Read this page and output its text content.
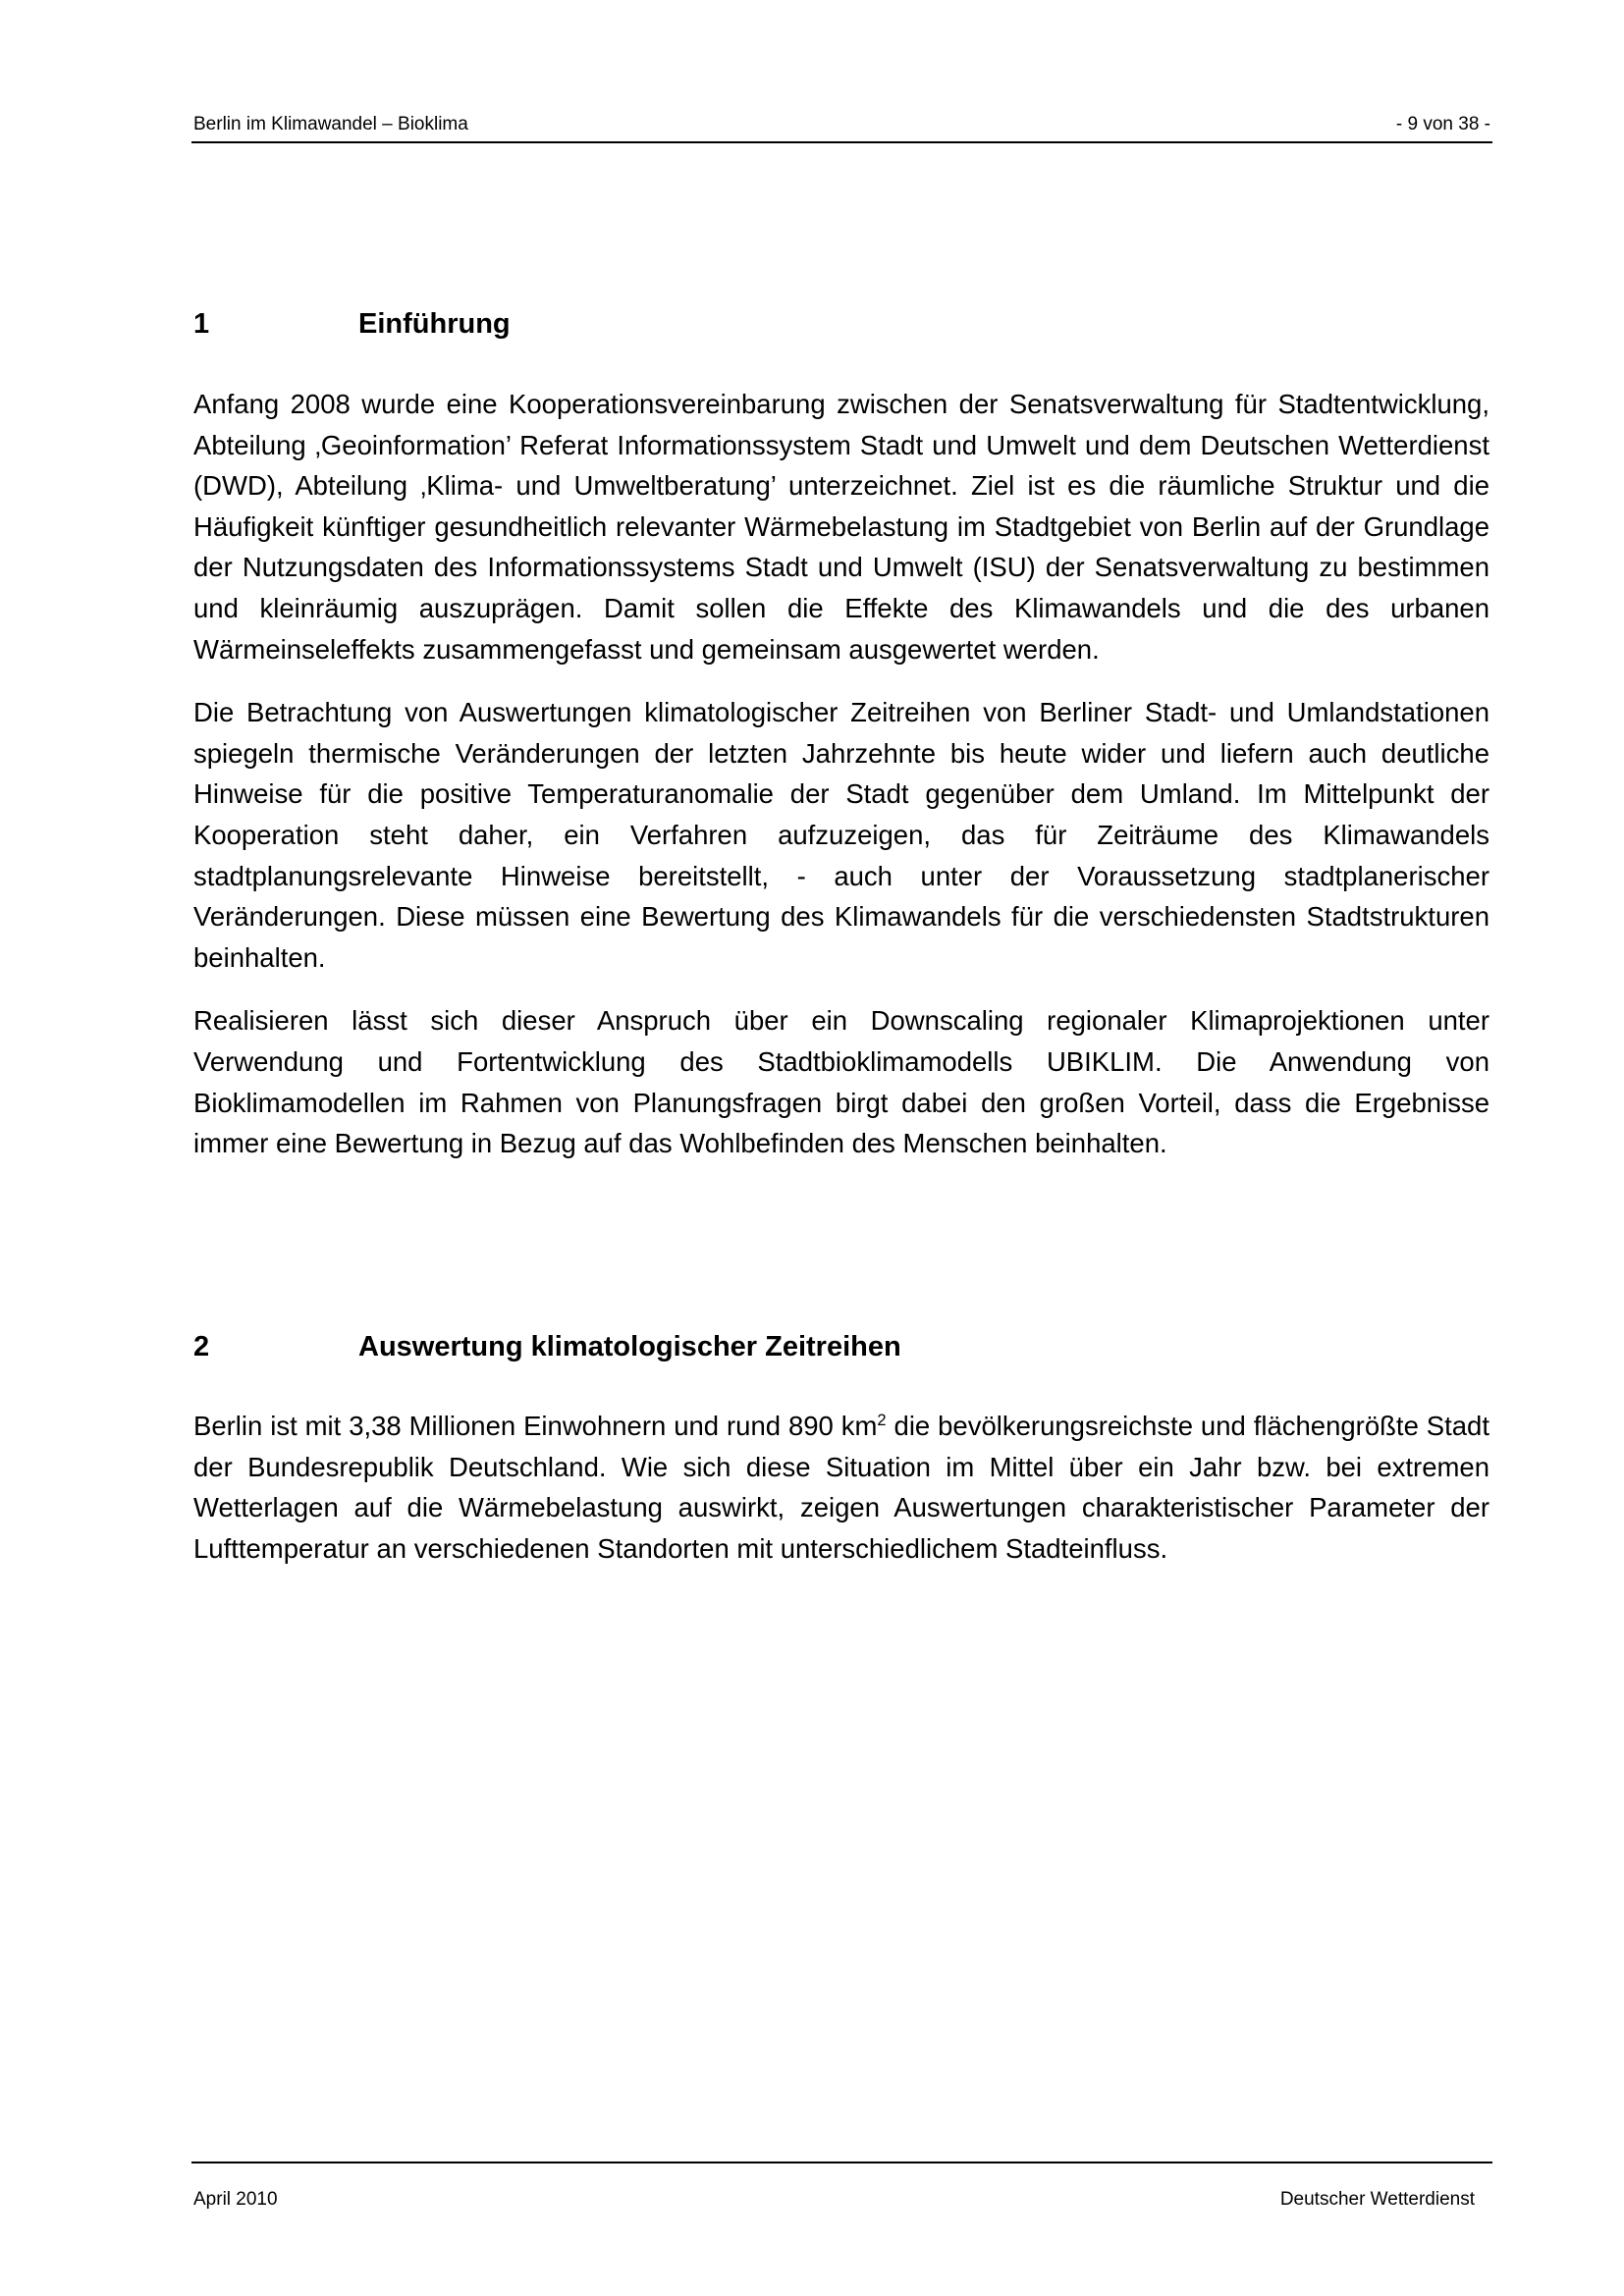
Berlin im Klimawandel – Bioklima	- 9 von 38 -
1	Einführung

Anfang 2008 wurde eine Kooperationsvereinbarung zwischen der Senatsverwaltung für Stadtentwicklung, Abteilung ‚Geoinformation’ Referat Informationssystem Stadt und Umwelt und dem Deutschen Wetterdienst (DWD), Abteilung ‚Klima- und Umweltberatung’ unterzeichnet. Ziel ist es die räumliche Struktur und die Häufigkeit künftiger gesundheitlich relevanter Wärmebelastung im Stadtgebiet von Berlin auf der Grundlage der Nutzungsdaten des Informationssystems Stadt und Umwelt (ISU) der Senatsverwaltung zu bestimmen und kleinräumig auszuprägen. Damit sollen die Effekte des Klimawandels und die des urbanen Wärmeinseleffekts zusammengefasst und gemeinsam ausgewertet werden.

Die Betrachtung von Auswertungen klimatologischer Zeitreihen von Berliner Stadt- und Umlandstationen spiegeln thermische Veränderungen der letzten Jahrzehnte bis heute wider und liefern auch deutliche Hinweise für die positive Temperaturanomalie der Stadt gegenüber dem Umland. Im Mittelpunkt der Kooperation steht daher, ein Verfahren aufzuzeigen, das für Zeiträume des Klimawandels stadtplanungsrelevante Hinweise bereitstellt, - auch unter der Voraussetzung stadtplanerischer Veränderungen. Diese müssen eine Bewertung des Klimawandels für die verschiedensten Stadtstrukturen beinhalten.

Realisieren lässt sich dieser Anspruch über ein Downscaling regionaler Klimaprojektionen unter Verwendung und Fortentwicklung des Stadtbioklimamodells UBIKLIM. Die Anwendung von Bioklimamodellen im Rahmen von Planungsfragen birgt dabei den großen Vorteil, dass die Ergebnisse immer eine Bewertung in Bezug auf das Wohlbefinden des Menschen beinhalten.

2	Auswertung klimatologischer Zeitreihen

Berlin ist mit 3,38 Millionen Einwohnern und rund 890 $km^2$ die bevölkerungsreichste und flächengrößte Stadt der Bundesrepublik Deutschland. Wie sich diese Situation im Mittel über ein Jahr bzw. bei extremen Wetterlagen auf die Wärmebelastung auswirkt, zeigen Auswertungen charakteristischer Parameter der Lufttemperatur an verschiedenen Standorten mit unterschiedlichem Stadteinfluss.

April 2010	Deutscher Wetterdienst
